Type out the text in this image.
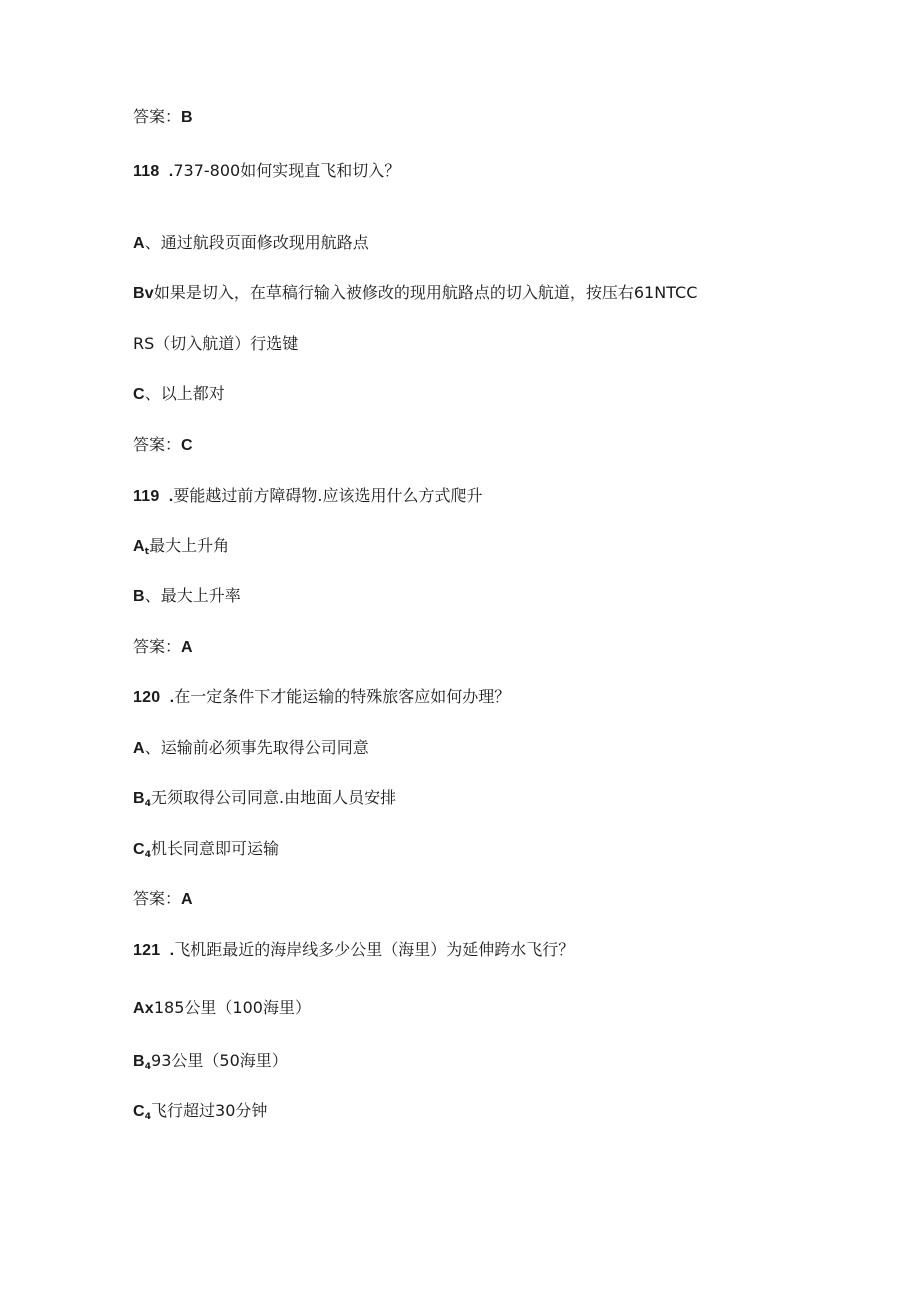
答案：B

118  .737-800如何实现直飞和切入？

A、通过航段页面修改现用航路点

Bv如果是切入，在草稿行输入被修改的现用航路点的切入航道，按压右61NTCC

RS（切入航道）行选键

C、以上都对

答案：C

119  .要能越过前方障碍物.应该选用什么方式爬升

$A_t$最大上升角

B、最大上升率

答案：A

120  .在一定条件下才能运输的特殊旅客应如何办理？

A、运输前必须事先取得公司同意

$B_4$无须取得公司同意.由地面人员安排

$C_4$机长同意即可运输

答案：A

121  .飞机距最近的海岸线多少公里（海里）为延伸跨水飞行？

Ax185公里（100海里）

$B_493$公里（50海里）

$C_4$飞行超过30分钟
